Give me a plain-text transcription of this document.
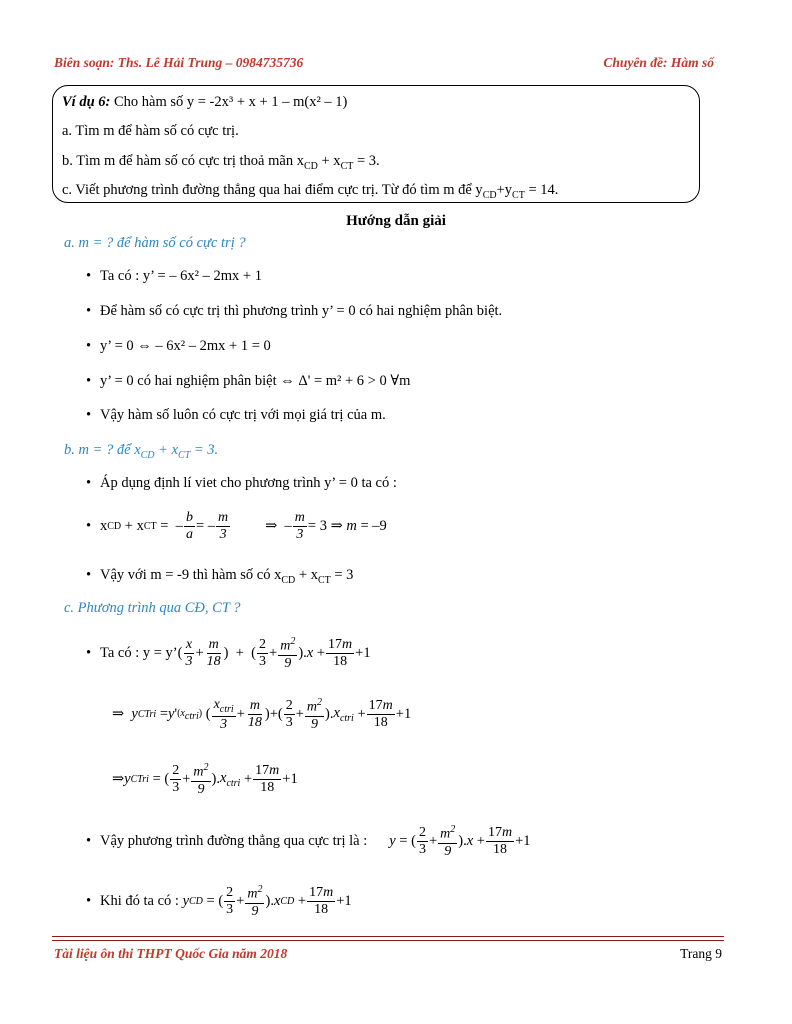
Biên soạn: Ths. Lê Hải Trung – 0984735736	Chuyên đề: Hàm số
Ví dụ 6: Cho hàm số y = -2x³ + x + 1 – m(x² – 1)
a. Tìm m để hàm số có cực trị.
b. Tìm m để hàm số có cực trị thoả mãn $x_{CD} + x_{CT} = 3$.
c. Viết phương trình đường thẳng qua hai điểm cực trị. Từ đó tìm m để $y_{CD}+y_{CT} = 14$.
Hướng dẫn giải
a. m = ? để hàm số có cực trị ?
• Ta có : y’ = – 6x² – 2mx + 1
• Để hàm số có cực trị thì phương trình y’ = 0 có hai nghiệm phân biệt.
• y’ = 0 ⇔ – 6x² – 2mx + 1 = 0
• y’ = 0 có hai nghiệm phân biệt ⇔ Δ' = m² + 6 > 0 ∀m
• Vậy hàm số luôn có cực trị với mọi giá trị của m.
b. m = ? để $x_{CD} + x_{CT} = 3$.
• Áp dụng định lí viet cho phương trình y’ = 0 ta có :
• x CD + x CT =  – $\frac{b}{a}$ = – $\frac{m}{3}$ ⇒  – $\frac{m}{3} = 3$ ⇒ m = –9
• Vậy với m = -9 thì hàm số có $x_{CD} + x_{CT} = 3$
c. Phương trình qua CĐ, CT ?
• Ta có : y = y’( $\frac{x}{3} + \frac{m}{18}$ )  +  ( $\frac{2}{3} + \frac{m^2}{9}$ ). $x + \frac{17m}{18} +1$
⇒ y CTri = y ' $(x_{ctri})$ ( $\frac{x_{ctri}}{3} + \frac{m}{18}$ )+( $\frac{2}{3} + \frac{m^2}{9}$ ). $x_{ctri} + \frac{17m}{18} +1$
⇒ y CTri = ( $\frac{2}{3} + \frac{m^2}{9}$ ). $x_{ctri} + \frac{17m}{18} +1$
• Vậy phương trình đường thẳng qua cực trị là : y = ( $\frac{2}{3} + \frac{m^2}{9}$ ). $x + \frac{17m}{18} +1$
• Khi đó ta có :
y CD = ( $\frac{2}{3} + \frac{m^2}{9}$ ). x CD + $\frac{17m}{18} +1$
Tài liệu ôn thi THPT Quốc Gia năm 2018	Trang 9
